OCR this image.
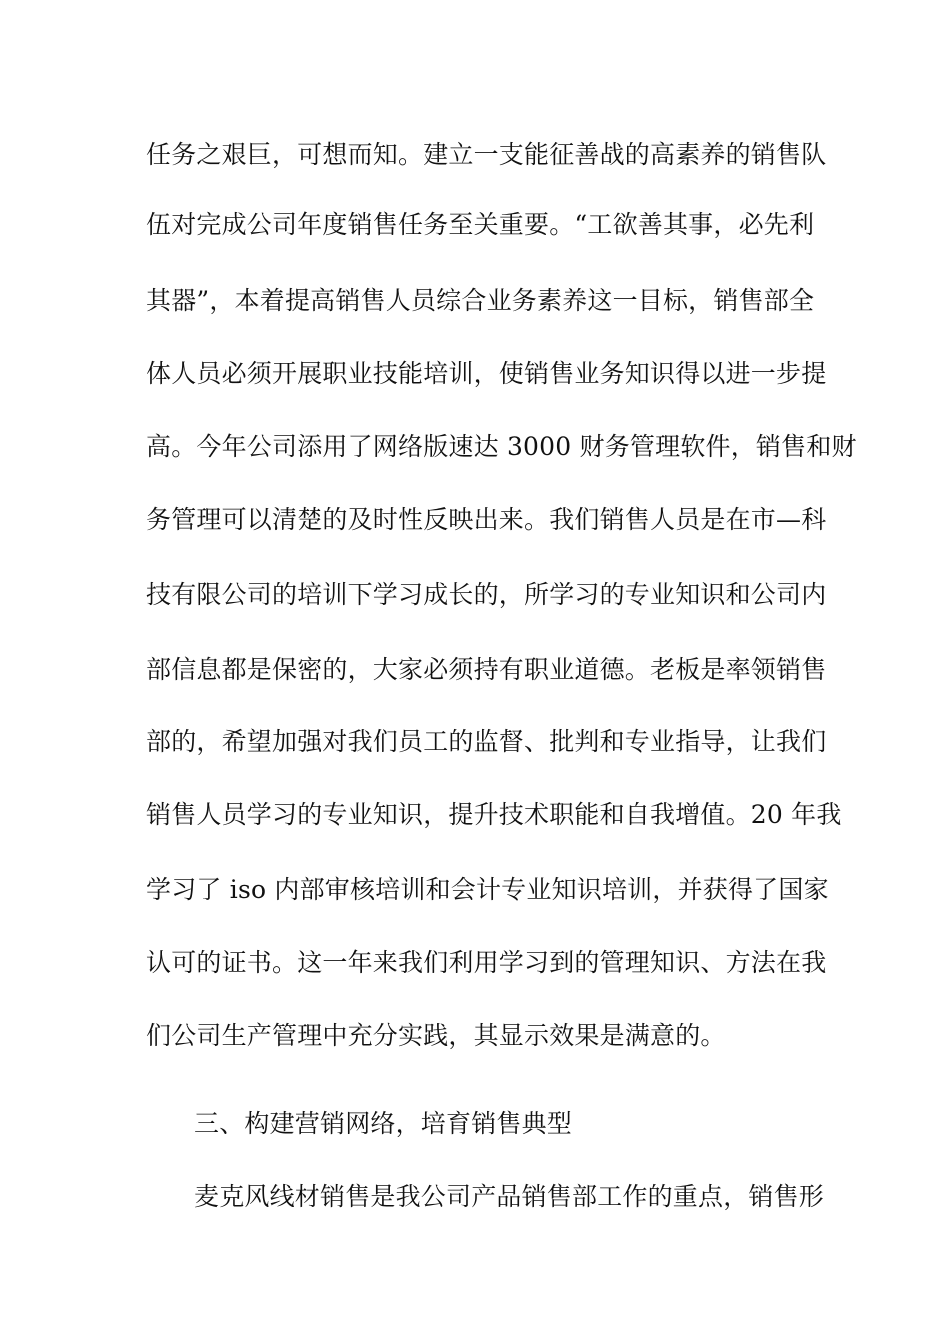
任务之艰巨，可想而知。建立一支能征善战的高素养的销售队
伍对完成公司年度销售任务至关重要。“工欲善其事，必先利
其器”，本着提高销售人员综合业务素养这一目标，销售部全
体人员必须开展职业技能培训，使销售业务知识得以进一步提
高。今年公司添用了网络版速达 3000 财务管理软件，销售和财
务管理可以清楚的及时性反映出来。我们销售人员是在市—科
技有限公司的培训下学习成长的，所学习的专业知识和公司内
部信息都是保密的，大家必须持有职业道德。老板是率领销售
部的，希望加强对我们员工的监督、批判和专业指导，让我们
销售人员学习的专业知识，提升技术职能和自我增值。20 年我
学习了 iso 内部审核培训和会计专业知识培训，并获得了国家
认可的证书。这一年来我们利用学习到的管理知识、方法在我
们公司生产管理中充分实践，其显示效果是满意的。
三、构建营销网络，培育销售典型
麦克风线材销售是我公司产品销售部工作的重点，销售形
